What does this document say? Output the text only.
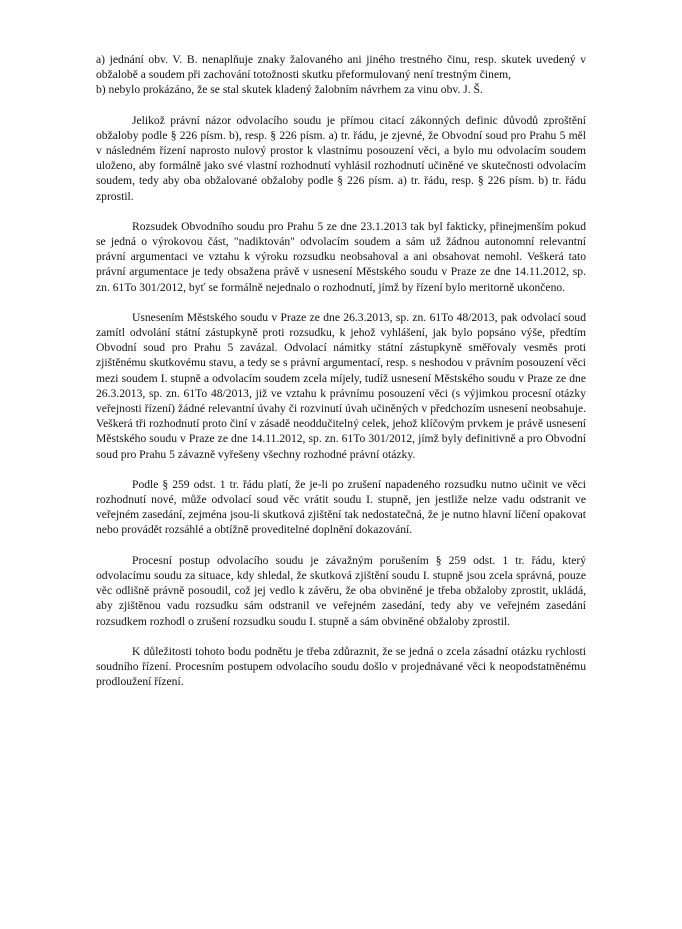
a) jednání obv. V. B. nenaplňuje znaky žalovaného ani jiného trestného činu, resp. skutek uvedený v obžalobě a soudem při zachování totožnosti skutku přeformulovaný není trestným činem,

b) nebylo prokázáno, že se stal skutek kladený žalobním návrhem za vinu obv. J. Š.

Jelikož právní názor odvolacího soudu je přímou citací zákonných definic důvodů zproštění obžaloby podle § 226 písm. b), resp. § 226 písm. a) tr. řádu, je zjevné, že Obvodní soud pro Prahu 5 měl v následném řízení naprosto nulový prostor k vlastnímu posouzení věci, a bylo mu odvolacím soudem uloženo, aby formálně jako své vlastní rozhodnutí vyhlásil rozhodnutí učiněné ve skutečnosti odvolacím soudem, tedy aby oba obžalované obžaloby podle § 226 písm. a) tr. řádu, resp. § 226 písm. b) tr. řádu zprostil.

Rozsudek Obvodního soudu pro Prahu 5 ze dne 23.1.2013 tak byl fakticky, přinejmenším pokud se jedná o výrokovou část, "nadiktován" odvolacím soudem a sám už žádnou autonomní relevantní právní argumentaci ve vztahu k výroku rozsudku neobsahoval a ani obsahovat nemohl. Veškerá tato právní argumentace je tedy obsažena právě v usnesení Městského soudu v Praze ze dne 14.11.2012, sp. zn. 61To 301/2012, byť se formálně nejednalo o rozhodnutí, jímž by řízení bylo meritorně ukončeno.

Usnesením Městského soudu v Praze ze dne 26.3.2013, sp. zn. 61To 48/2013, pak odvolací soud zamítl odvolání státní zástupkyně proti rozsudku, k jehož vyhlášení, jak bylo popsáno výše, předtím Obvodní soud pro Prahu 5 zavázal. Odvolací námitky státní zástupkyně směřovaly vesměs proti zjištěnému skutkovému stavu, a tedy se s právní argumentací, resp. s neshodou v právním posouzení věci mezi soudem I. stupně a odvolacím soudem zcela míjely, tudíž usnesení Městského soudu v Praze ze dne 26.3.2013, sp. zn. 61To 48/2013, již ve vztahu k právnímu posouzení věci (s výjimkou procesní otázky veřejnosti řízení) žádné relevantní úvahy či rozvinutí úvah učiněných v předchozím usnesení neobsahuje. Veškerá tři rozhodnutí proto činí v zásadě neoddučitelný celek, jehož klíčovým prvkem je právě usnesení Městského soudu v Praze ze dne 14.11.2012, sp. zn. 61To 301/2012, jímž byly definitivně a pro Obvodní soud pro Prahu 5 závazně vyřešeny všechny rozhodné právní otázky.

Podle § 259 odst. 1 tr. řádu platí, že je-li po zrušení napadeného rozsudku nutno učinit ve věci rozhodnutí nové, může odvolací soud věc vrátit soudu I. stupně, jen jestliže nelze vadu odstranit ve veřejném zasedání, zejména jsou-li skutková zjištění tak nedostatečná, že je nutno hlavní líčení opakovat nebo provádět rozsáhlé a obtížně proveditelné doplnění dokazování.

Procesní postup odvolacího soudu je závažným porušením § 259 odst. 1 tr. řádu, který odvolacímu soudu za situace, kdy shledal, že skutková zjištění soudu I. stupně jsou zcela správná, pouze věc odlišně právně posoudil, což jej vedlo k závěru, že oba obviněné je třeba obžaloby zprostit, ukládá, aby zjištěnou vadu rozsudku sám odstranil ve veřejném zasedání, tedy aby ve veřejném zasedání rozsudkem rozhodl o zrušení rozsudku soudu I. stupně a sám obviněné obžaloby zprostil.

K důležitosti tohoto bodu podnětu je třeba zdůraznit, že se jedná o zcela zásadní otázku rychlosti soudního řízení. Procesním postupem odvolacího soudu došlo v projednávané věci k neopodstatněnému prodloužení řízení.
